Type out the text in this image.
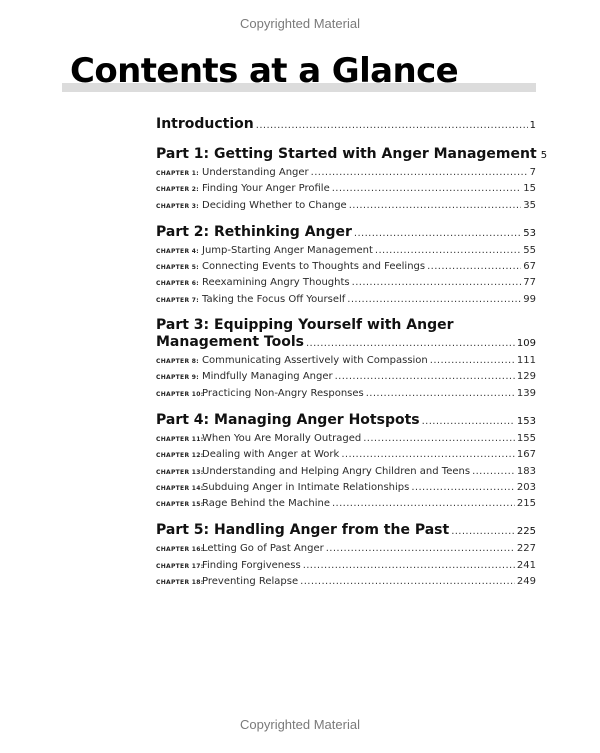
Copyrighted Material
Contents at a Glance
Introduction . . .	1
Part 1: Getting Started with Anger Management 5
CHAPTER 1: Understanding Anger . . .	7
CHAPTER 2: Finding Your Anger Profile . . .	15
CHAPTER 3: Deciding Whether to Change . . .	35
Part 2: Rethinking Anger . . .	53
CHAPTER 4: Jump-Starting Anger Management . . .	55
CHAPTER 5: Connecting Events to Thoughts and Feelings . . .	67
CHAPTER 6: Reexamining Angry Thoughts . . .	77
CHAPTER 7: Taking the Focus Off Yourself . . .	99
Part 3: Equipping Yourself with Anger
Management Tools . . .	109
CHAPTER 8: Communicating Assertively with Compassion . . .	111
CHAPTER 9: Mindfully Managing Anger . . .	129
CHAPTER 10:Practicing Non-Angry Responses . . .	139
Part 4: Managing Anger Hotspots . . .	153
CHAPTER 11:When You Are Morally Outraged . . .	155
CHAPTER 12:Dealing with Anger at Work . . .	167
CHAPTER 13:Understanding and Helping Angry Children and Teens . . .	183
CHAPTER 14:Subduing Anger in Intimate Relationships . . .	203
CHAPTER 15:Rage Behind the Machine . . .	215
Part 5: Handling Anger from the Past . . .	225
CHAPTER 16:Letting Go of Past Anger . . .	227
CHAPTER 17:Finding Forgiveness . . .	241
CHAPTER 18:Preventing Relapse . . .	249
Copyrighted Material
